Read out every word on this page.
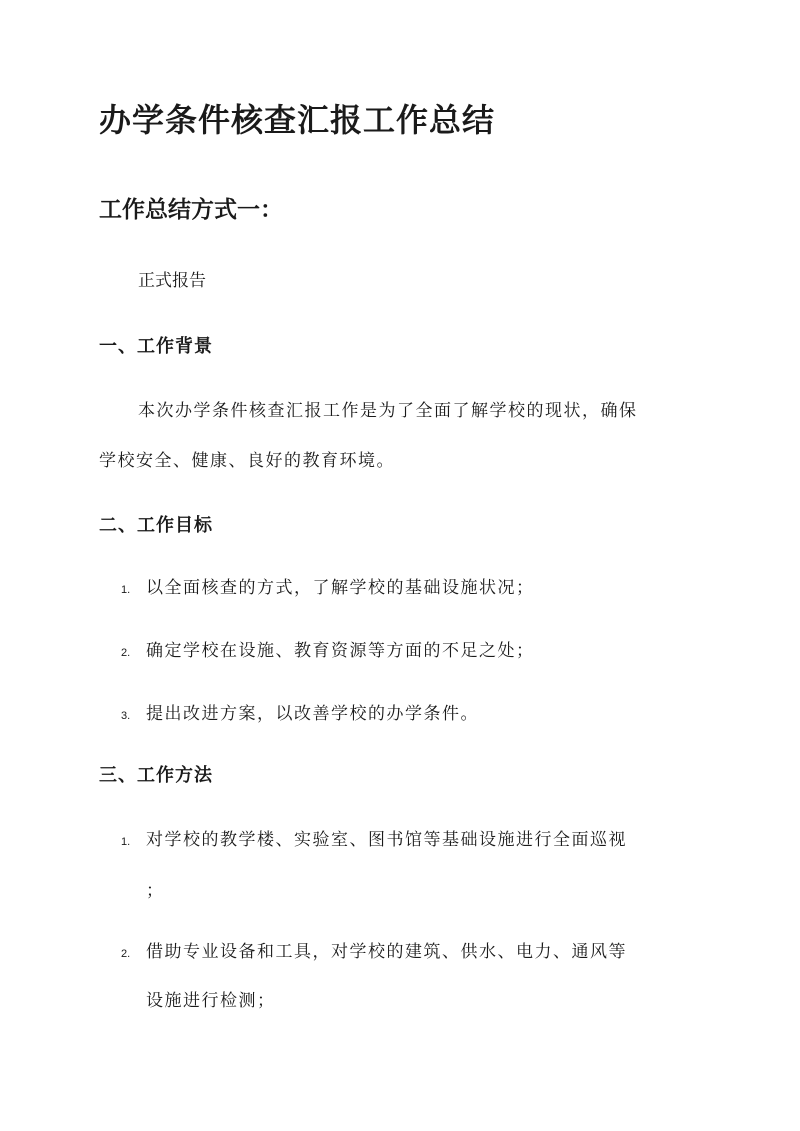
办学条件核查汇报工作总结
工作总结方式一：

正式报告

一、工作背景

本次办学条件核查汇报工作是为了全面了解学校的现状，确保

学校安全、健康、良好的教育环境。

二、工作目标
1. 以全面核查的方式，了解学校的基础设施状况；
2. 确定学校在设施、教育资源等方面的不足之处；
3. 提出改进方案，以改善学校的办学条件。
三、工作方法
1. 对学校的教学楼、实验室、图书馆等基础设施进行全面巡视
；
2. 借助专业设备和工具，对学校的建筑、供水、电力、通风等
设施进行检测；
